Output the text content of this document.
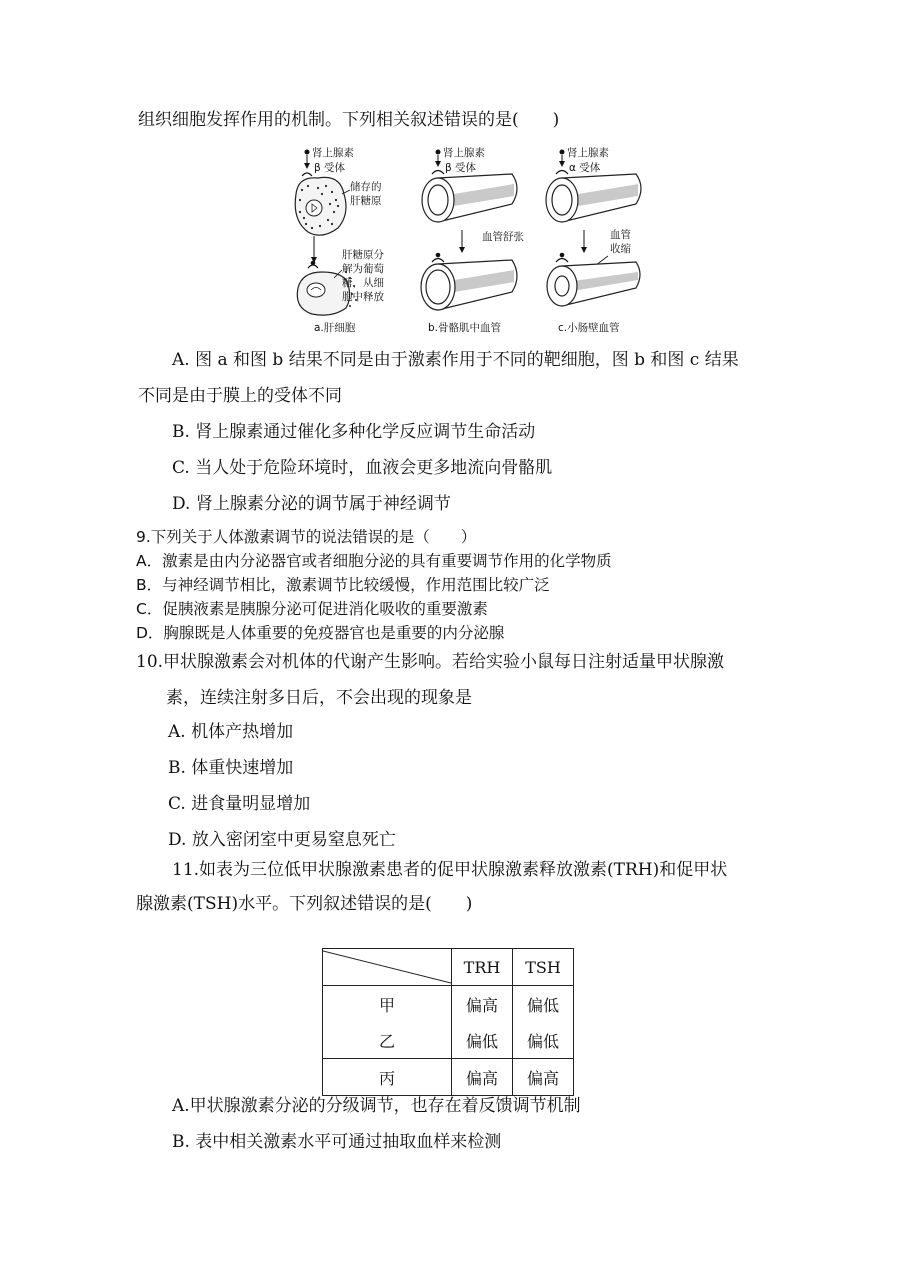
组织细胞发挥作用的机制。下列相关叙述错误的是(　　)
肾上腺素
β 受体
储存的
肝糖原
肝糖原分
解为葡萄
糖，从细
胞中释放
a.肝细胞
肾上腺素
β 受体
血管舒张
b.骨骼肌中血管
肾上腺素
α 受体
血管
收缩
c.小肠壁血管
A. 图 a 和图 b 结果不同是由于激素作用于不同的靶细胞，图 b 和图 c 结果
不同是由于膜上的受体不同
B. 肾上腺素通过催化多种化学反应调节生命活动
C. 当人处于危险环境时，血液会更多地流向骨骼肌
D. 肾上腺素分泌的调节属于神经调节
9.下列关于人体激素调节的说法错误的是（　　）
A．激素是由内分泌器官或者细胞分泌的具有重要调节作用的化学物质
B．与神经调节相比，激素调节比较缓慢，作用范围比较广泛
C．促胰液素是胰腺分泌可促进消化吸收的重要激素
D．胸腺既是人体重要的免疫器官也是重要的内分泌腺
10.甲状腺激素会对机体的代谢产生影响。若给实验小鼠每日注射适量甲状腺激
素，连续注射多日后，不会出现的现象是
A. 机体产热增加
B. 体重快速增加
C. 进食量明显增加
D. 放入密闭室中更易窒息死亡
11.如表为三位低甲状腺激素患者的促甲状腺激素释放激素(TRH)和促甲状
腺激素(TSH)水平。下列叙述错误的是(　　)
	TRH	TSH
甲	偏高	偏低
乙	偏低	偏低
丙	偏高	偏高
A.甲状腺激素分泌的分级调节，也存在着反馈调节机制
B. 表中相关激素水平可通过抽取血样来检测
